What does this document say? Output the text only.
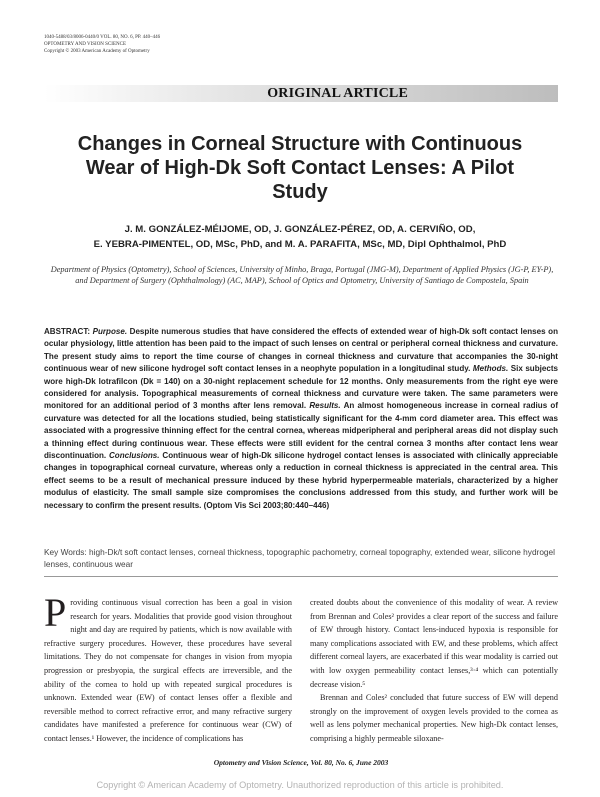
1040-5488/03/8006-0440/0 VOL. 80, NO. 6, PP. 440–446
OPTOMETRY AND VISION SCIENCE
Copyright © 2003 American Academy of Optometry
ORIGINAL ARTICLE
Changes in Corneal Structure with Continuous Wear of High-Dk Soft Contact Lenses: A Pilot Study
J. M. GONZÁLEZ-MÉIJOME, OD, J. GONZÁLEZ-PÉREZ, OD, A. CERVIÑO, OD,
E. YEBRA-PIMENTEL, OD, MSc, PhD, and M. A. PARAFITA, MSc, MD, Dipl Ophthalmol, PhD
Department of Physics (Optometry), School of Sciences, University of Minho, Braga, Portugal (JMG-M), Department of Applied Physics (JG-P, EY-P), and Department of Surgery (Ophthalmology) (AC, MAP), School of Optics and Optometry, University of Santiago de Compostela, Spain
ABSTRACT: Purpose. Despite numerous studies that have considered the effects of extended wear of high-Dk soft contact lenses on ocular physiology, little attention has been paid to the impact of such lenses on central or peripheral corneal thickness and curvature. The present study aims to report the time course of changes in corneal thickness and curvature that accompanies the 30-night continuous wear of new silicone hydrogel soft contact lenses in a neophyte population in a longitudinal study. Methods. Six subjects wore high-Dk lotrafilcon (Dk = 140) on a 30-night replacement schedule for 12 months. Only measurements from the right eye were considered for analysis. Topographical measurements of corneal thickness and curvature were taken. The same parameters were monitored for an additional period of 3 months after lens removal. Results. An almost homogeneous increase in corneal radius of curvature was detected for all the locations studied, being statistically significant for the 4-mm cord diameter area. This effect was associated with a progressive thinning effect for the central cornea, whereas midperipheral and peripheral areas did not display such a thinning effect during continuous wear. These effects were still evident for the central cornea 3 months after contact lens wear discontinuation. Conclusions. Continuous wear of high-Dk silicone hydrogel contact lenses is associated with clinically appreciable changes in topographical corneal curvature, whereas only a reduction in corneal thickness is appreciated in the central area. This effect seems to be a result of mechanical pressure induced by these hybrid hyperpermeable materials, characterized by a higher modulus of elasticity. The small sample size compromises the conclusions addressed from this study, and further work will be necessary to confirm the present results. (Optom Vis Sci 2003;80:440–446)
Key Words: high-Dk/t soft contact lenses, corneal thickness, topographic pachometry, corneal topography, extended wear, silicone hydrogel lenses, continuous wear

Providing continuous visual correction has been a goal in vision research for years. Modalities that provide good vision throughout night and day are required by patients, which is now available with refractive surgery procedures. However, these procedures have several limitations. They do not compensate for changes in vision from myopia progression or presbyopia, the surgical effects are irreversible, and the ability of the cornea to hold up with repeated surgical procedures is unknown. Extended wear (EW) of contact lenses offer a flexible and reversible method to correct refractive error, and many refractive surgery candidates have manifested a preference for continuous wear (CW) of contact lenses.¹ However, the incidence of complications has

created doubts about the convenience of this modality of wear. A review from Brennan and Coles² provides a clear report of the success and failure of EW through history. Contact lens-induced hypoxia is responsible for many complications associated with EW, and these problems, which affect different corneal layers, are exacerbated if this wear modality is carried out with low oxygen permeability contact lenses,³·⁴ which can potentially decrease vision.⁵

Brennan and Coles² concluded that future success of EW will depend strongly on the improvement of oxygen levels provided to the cornea as well as lens polymer mechanical properties. New high-Dk contact lenses, comprising a highly permeable siloxane-

Optometry and Vision Science, Vol. 80, No. 6, June 2003
Copyright © American Academy of Optometry. Unauthorized reproduction of this article is prohibited.
